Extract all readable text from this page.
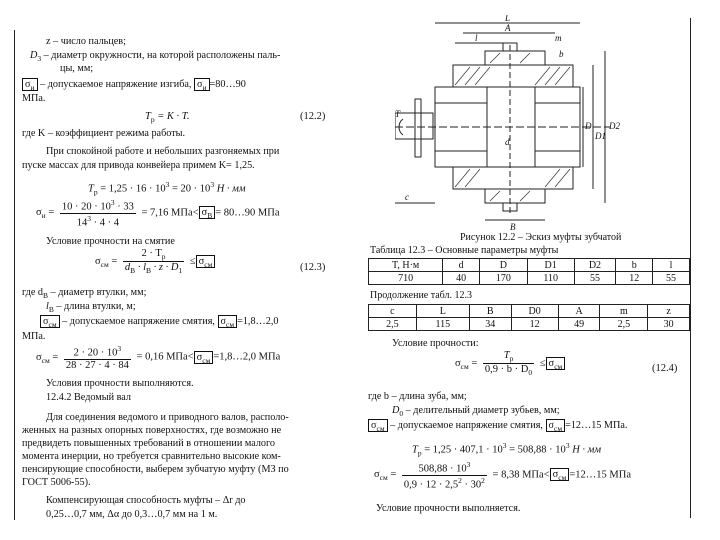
z – число пальцев;
$D_3$ – диаметр окружности, на которой расположены паль-
цы, мм;
$\sigma_и$ – допускаемое напряжение изгиба, $\sigma_и$ =80…90
МПа.
$T_р = K \cdot T$.	(12.2)
где K – коэффициент режима работы.
При спокойной работе и небольших разгоняемых при
пуске массах для привода конвейера примем K= 1,25.
$T_р = 1,25 \cdot 16 \cdot 10^3 = 20 \cdot 10^3$ H · мм
$\sigma_и = \frac{10 \cdot 20 \cdot 10^3 \cdot 33}{14^3 \cdot 4 \cdot 4} = 7,16$ $МПа< \sigma_В$ = 80…90 МПа
Условие прочности на смятие
$\sigma_{см} = \frac{2 \cdot T_р}{d_В \cdot l_В \cdot z \cdot D_1} \le \sigma_{см}$	(12.3)
где $d_В$ – диаметр втулки, мм;
$l_В$ – длина втулки, м;
$\sigma_{см}$ – допускаемое напряжение смятия, $\sigma_{см}$ =1,8…2,0
МПа.
$\sigma_{см} = \frac{2 \cdot 20 \cdot 10^3}{28 \cdot 27 \cdot 4 \cdot 84} = 0,16$ $МПа< \sigma_{см}$ =1,8…2,0 МПа
Условия прочности выполняются.
12.4.2 Ведомый вал
Для соединения ведомого и приводного валов, располо-
женных на разных опорных поверхностях, где возможно не
предвидеть повышенных требований в отношении малого
момента инерции, но требуется сравнительно высокие ком-
пенсирующие способности, выберем зубчатую муфту (МЗ по
ГОСТ 5006-55).
Компенсирующая способность муфты – Δr до
0,25…0,7 мм, Δα до 0,3…0,7 мм на 1 м.
L
A
l	m
T
d
D
D1
D2
c
B
b
Рисунок 12.2 – Эскиз муфты зубчатой
Таблица 12.3 – Основные параметры муфты
T, Н·м	d	D	D1	D2	b	l
710	40	170	110	55	12	55
Продолжение табл. 12.3
c	L	B	D0	A	m	z
2,5	115	34	12	49	2,5	30
Условие прочности:
$\sigma_{см} = \frac{T_р}{0,9 \cdot b \cdot D_0} \le \sigma_{см}$	(12.4)
где b – длина зуба, мм;
$D_0$ – делительный диаметр зубьев, мм;
$\sigma_{см}$ – допускаемое напряжение смятия, $\sigma_{см}$ =12…15 МПа.
$T_р = 1,25 \cdot 407,1 \cdot 10^3 = 508,88 \cdot 10^3$ Н · мм
$\sigma_{см} = \frac{508,88 \cdot 10^3}{0,9 \cdot 12 \cdot 2,5^2 \cdot 30^2} = 8,38$ $МПа< \sigma_{см}$ =12…15 МПа
Условие прочности выполняется.
